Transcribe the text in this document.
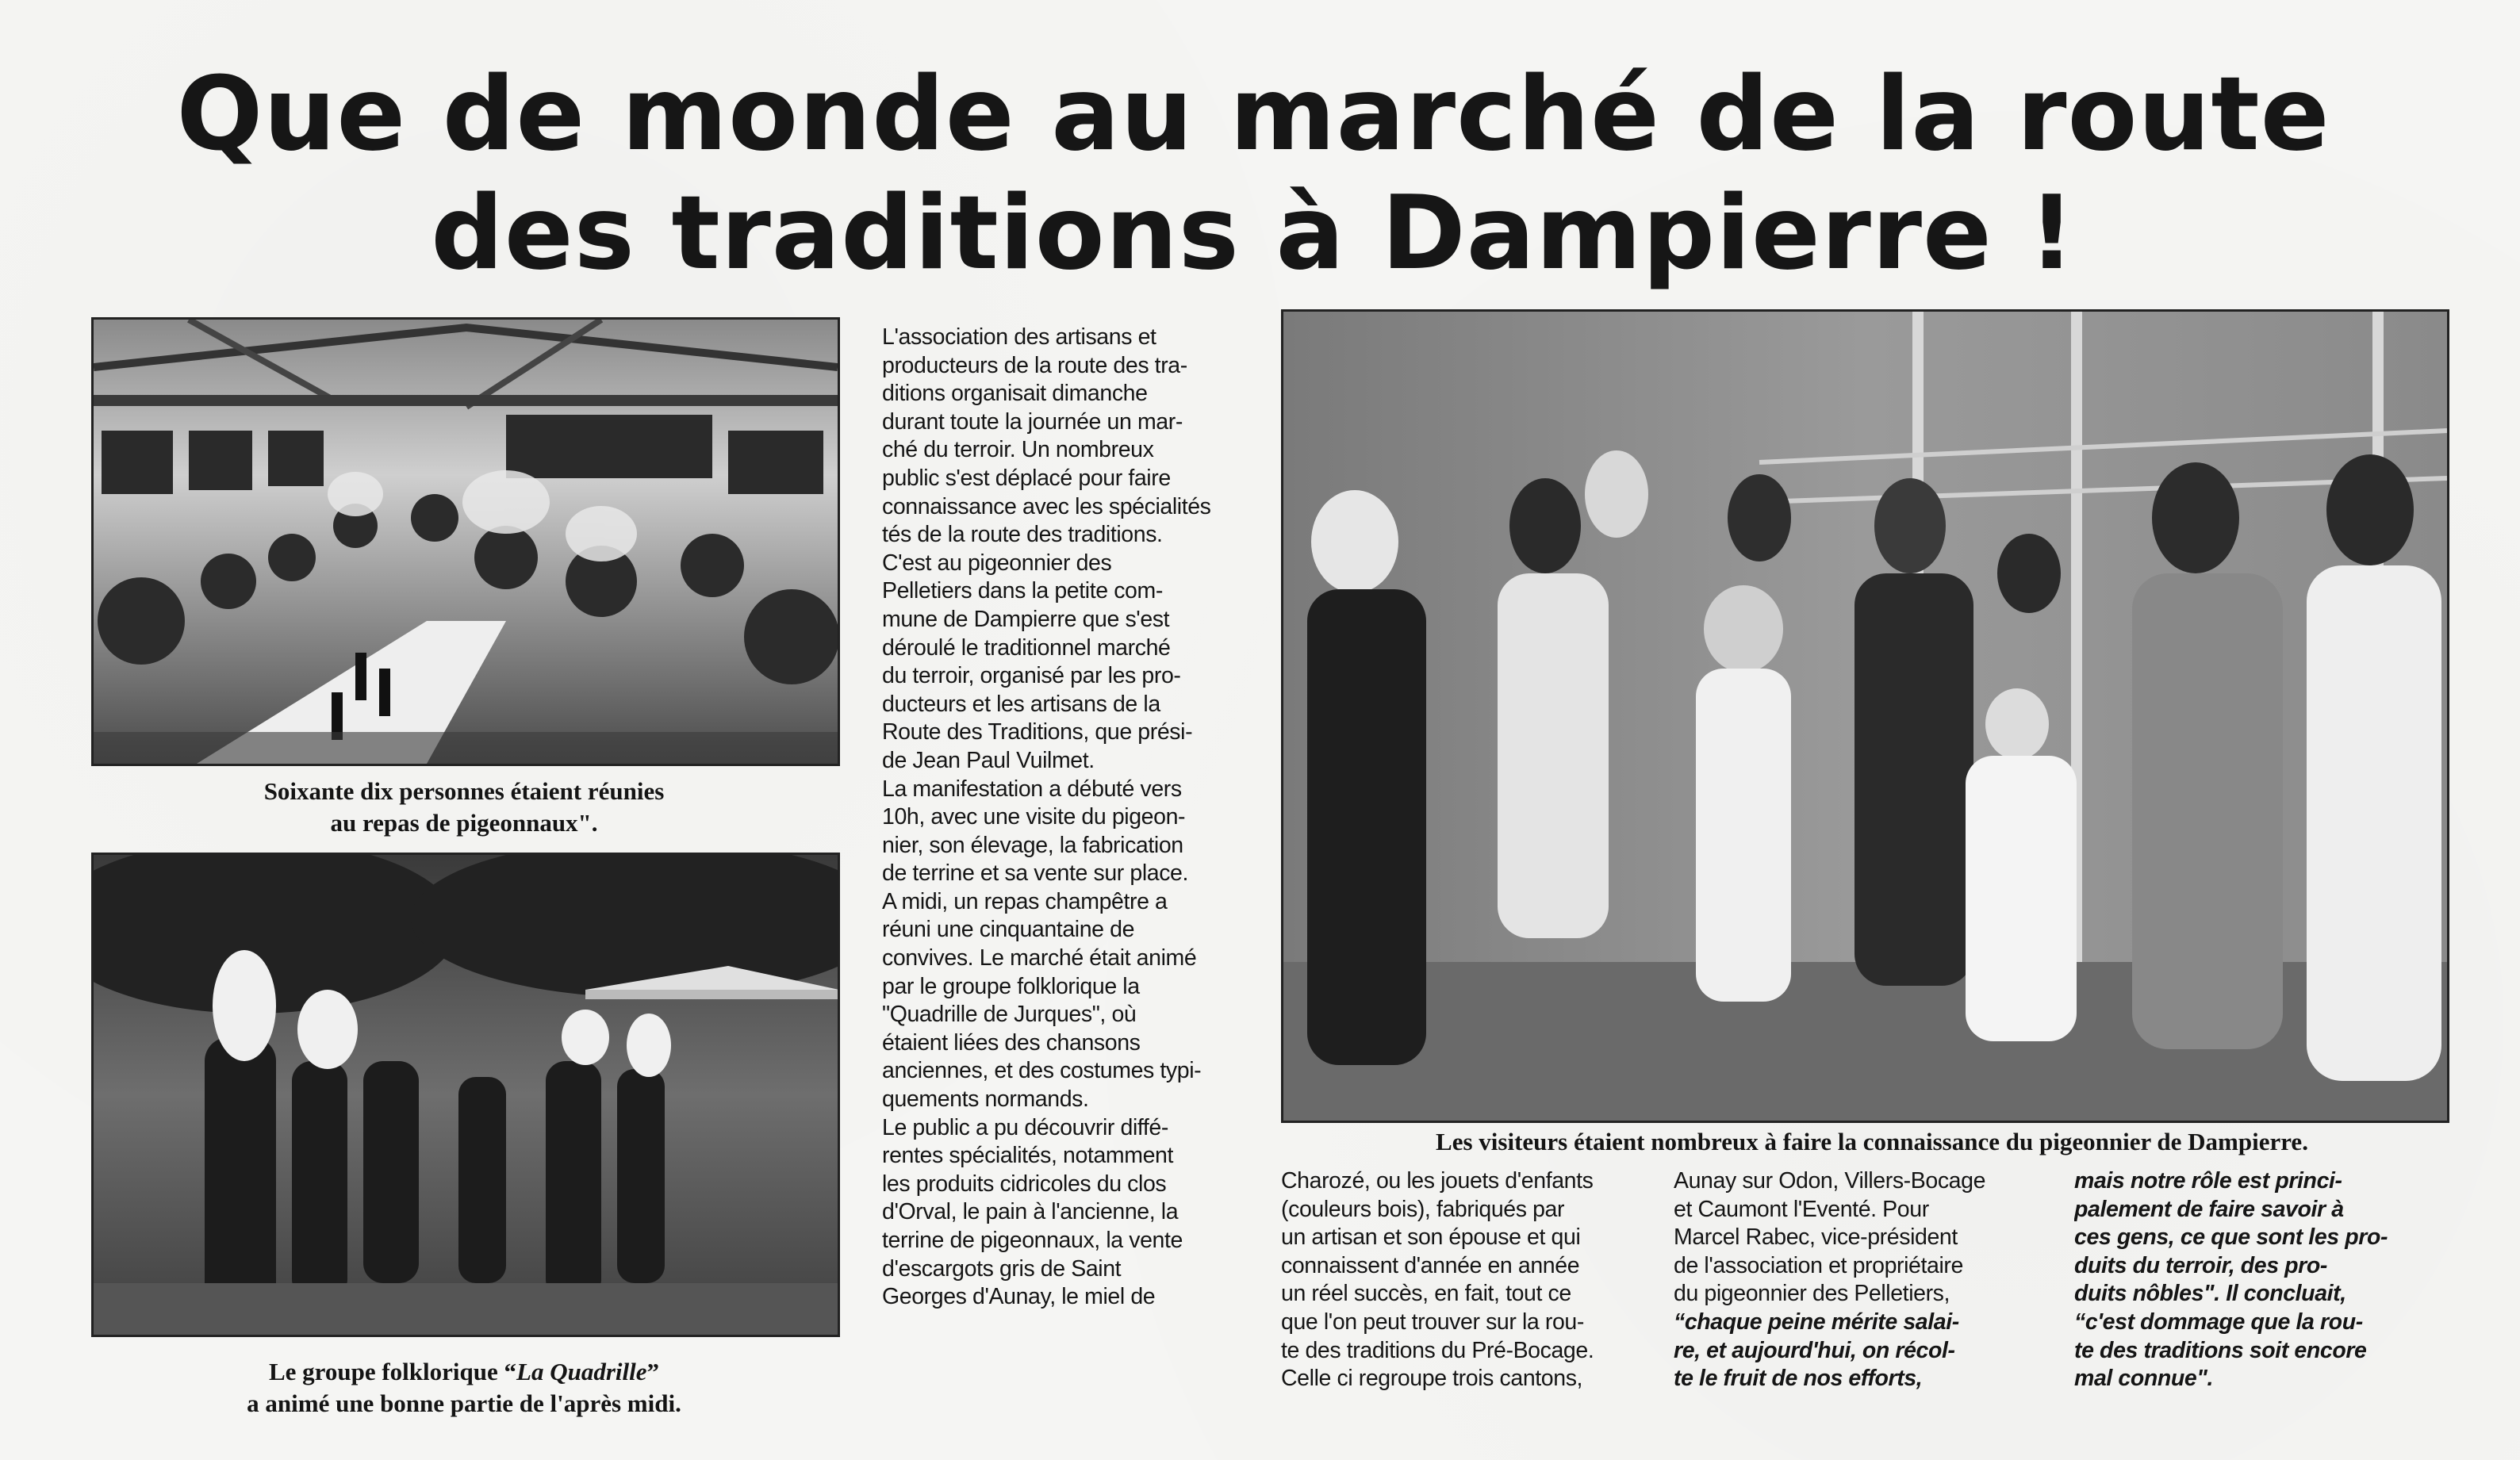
Que de monde au marché de la route
des traditions à Dampierre !
Soixante dix personnes étaient réunies
au repas de pigeonnaux".
Le groupe folklorique “La Quadrille”
a animé une bonne partie de l'après midi.
L'association des artisans et
producteurs de la route des tra-
ditions organisait dimanche
durant toute la journée un mar-
ché du terroir. Un nombreux
public s'est déplacé pour faire
connaissance avec les spécialités
tés de la route des traditions.
C'est au pigeonnier des
Pelletiers dans la petite com-
mune de Dampierre que s'est
déroulé le traditionnel marché
du terroir, organisé par les pro-
ducteurs et les artisans de la
Route des Traditions, que prési-
de Jean Paul Vuilmet.
La manifestation a débuté vers
10h, avec une visite du pigeon-
nier, son élevage, la fabrication
de terrine et sa vente sur place.
A midi, un repas champêtre a
réuni une cinquantaine de
convives. Le marché était animé
par le groupe folklorique la
"Quadrille de Jurques", où
étaient liées des chansons
anciennes, et des costumes typi-
quements normands.
Le public a pu découvrir diffé-
rentes spécialités, notamment
les produits cidricoles du clos
d'Orval, le pain à l'ancienne, la
terrine de pigeonnaux, la vente
d'escargots gris de Saint
Georges d'Aunay, le miel de
Les visiteurs étaient nombreux à faire la connaissance du pigeonnier de Dampierre.
Charozé, ou les jouets d'enfants
(couleurs bois), fabriqués par
un artisan et son épouse et qui
connaissent d'année en année
un réel succès, en fait, tout ce
que l'on peut trouver sur la rou-
te des traditions du Pré-Bocage.
Celle ci regroupe trois cantons,
Aunay sur Odon, Villers-Bocage
et Caumont l'Eventé. Pour
Marcel Rabec, vice-président
de l'association et propriétaire
du pigeonnier des Pelletiers,
“chaque peine mérite salai-
re, et aujourd'hui, on récol-
te le fruit de nos efforts,
mais notre rôle est princi-
palement de faire savoir à
ces gens, ce que sont les pro-
duits du terroir, des pro-
duits nôbles". Il concluait,
“c'est dommage que la rou-
te des traditions soit encore
mal connue".
